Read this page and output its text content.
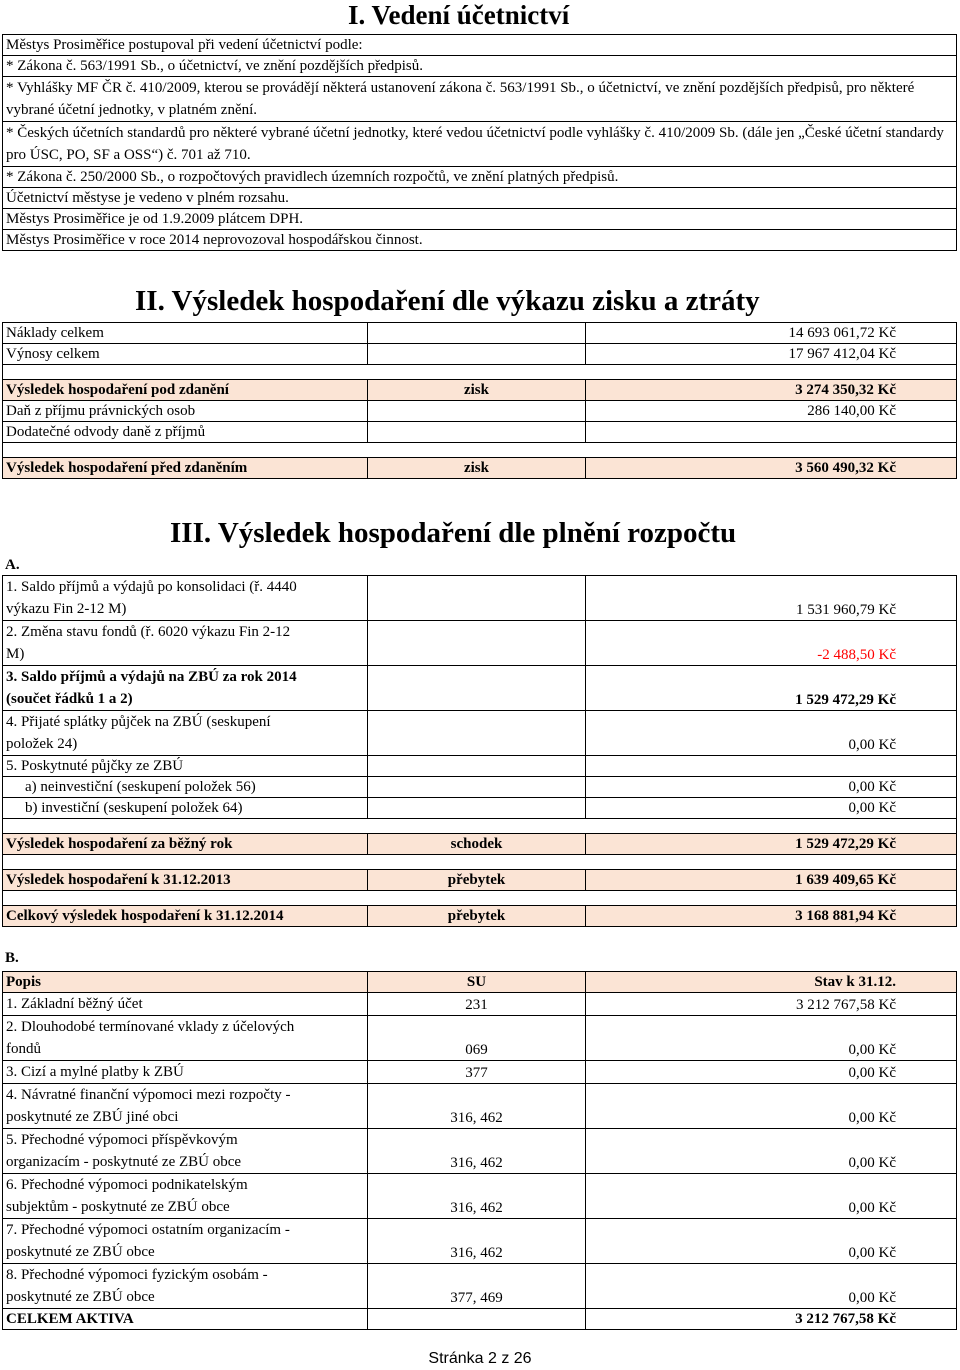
I. Vedení účetnictví
Městys Prosiměřice postupoval při vedení účetnictví podle:
* Zákona č. 563/1991 Sb., o účetnictví, ve znění pozdějších předpisů.
* Vyhlášky MF ČR č. 410/2009, kterou se provádějí některá ustanovení zákona č. 563/1991 Sb., o účetnictví, ve znění pozdějších předpisů, pro některé vybrané účetní jednotky, v platném znění.
* Českých účetních standardů pro některé vybrané účetní jednotky, které vedou účetnictví podle vyhlášky č. 410/2009 Sb. (dále jen „České účetní standardy pro ÚSC, PO, SF a OSS“) č. 701 až 710.
* Zákona č. 250/2000 Sb., o rozpočtových pravidlech územních rozpočtů, ve znění platných předpisů.
Účetnictví městyse je vedeno v plném rozsahu.
Městys Prosiměřice je od 1.9.2009 plátcem DPH.
Městys Prosiměřice v roce 2014 neprovozoval hospodářskou činnost.
II. Výsledek hospodaření dle výkazu zisku a ztráty
Náklady celkem		14 693 061,72 Kč
Výnosy celkem		17 967 412,04 Kč

Výsledek hospodaření pod zdanění	zisk	3 274 350,32 Kč
Daň z příjmu právnických osob		286 140,00 Kč
Dodatečné odvody daně z příjmů		

Výsledek hospodaření před zdaněním	zisk	3 560 490,32 Kč
III. Výsledek hospodaření dle plnění rozpočtu
A.
1. Saldo příjmů a výdajů po konsolidaci (ř. 4440
výkazu Fin 2-12 M)		1 531 960,79 Kč
2. Změna stavu fondů (ř. 6020 výkazu Fin 2-12
M)		-2 488,50 Kč
3. Saldo příjmů a výdajů na ZBÚ za rok 2014
(součet řádků 1 a 2)		1 529 472,29 Kč
4. Přijaté splátky půjček na ZBÚ (seskupení
položek 24)		0,00 Kč
5. Poskytnuté půjčky ze ZBÚ		
a) neinvestiční (seskupení položek 56)		0,00 Kč
b) investiční (seskupení položek 64)		0,00 Kč

Výsledek hospodaření za běžný rok	schodek	1 529 472,29 Kč

Výsledek hospodaření k 31.12.2013	přebytek	1 639 409,65 Kč

Celkový výsledek hospodaření k 31.12.2014	přebytek	3 168 881,94 Kč
B.
Popis	SU	Stav k 31.12.
1. Základní běžný účet	231	3 212 767,58 Kč
2. Dlouhodobé termínované vklady z účelových
fondů	069	0,00 Kč
3. Cizí a mylné platby k ZBÚ	377	0,00 Kč
4. Návratné finanční výpomoci mezi rozpočty -
poskytnuté ze ZBÚ jiné obci	316, 462	0,00 Kč
5. Přechodné výpomoci příspěvkovým
organizacím - poskytnuté ze ZBÚ obce	316, 462	0,00 Kč
6. Přechodné výpomoci podnikatelským
subjektům - poskytnuté ze ZBÚ obce	316, 462	0,00 Kč
7. Přechodné výpomoci ostatním organizacím -
poskytnuté ze ZBÚ obce	316, 462	0,00 Kč
8. Přechodné výpomoci fyzickým osobám -
poskytnuté ze ZBÚ obce	377, 469	0,00 Kč
CELKEM AKTIVA		3 212 767,58 Kč
Stránka 2 z 26
